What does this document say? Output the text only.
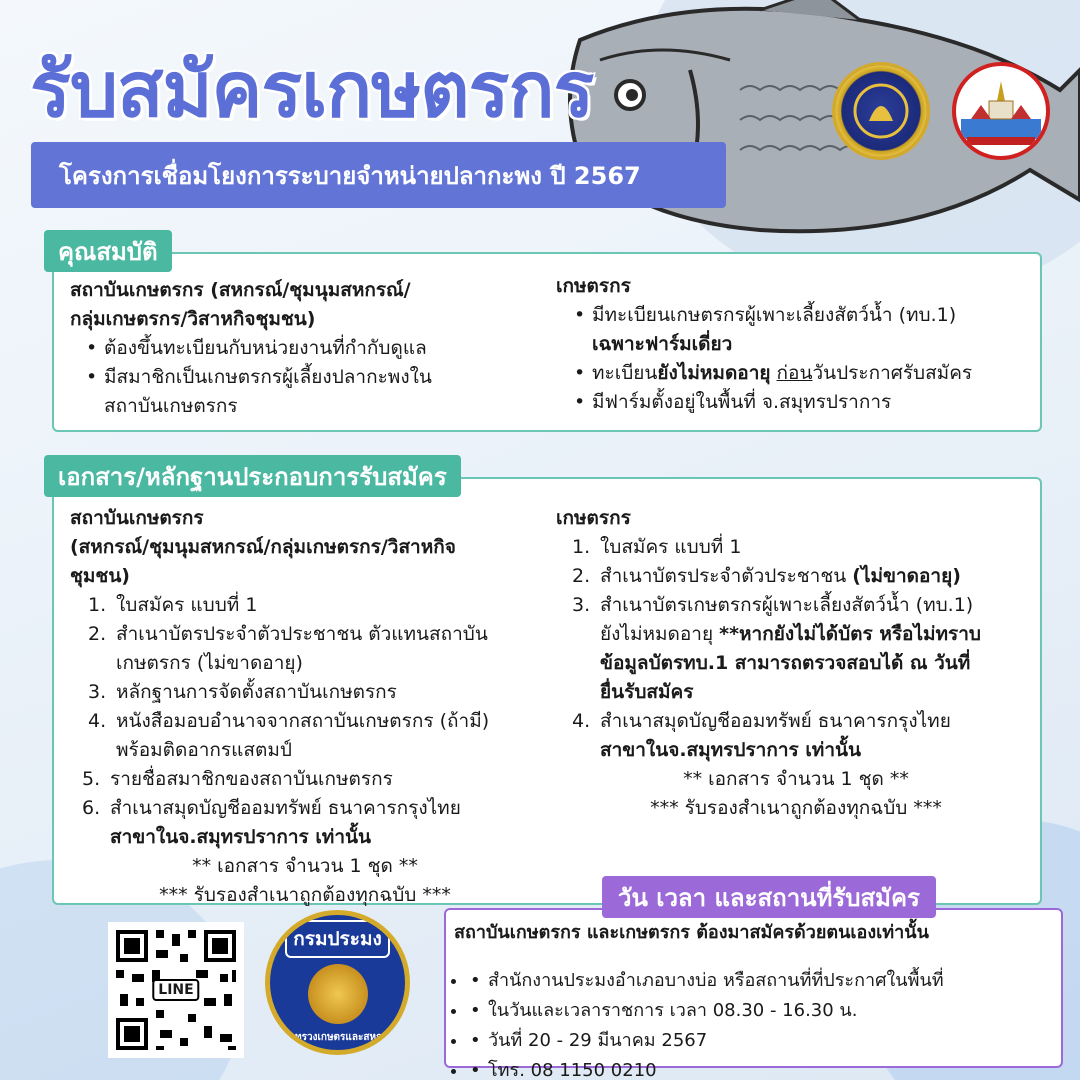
รับสมัครเกษตรกร
โครงการเชื่อมโยงการระบายจำหน่ายปลากะพง ปี 2567
คุณสมบัติ
สถาบันเกษตรกร (สหกรณ์/ชุมนุมสหกรณ์/
กลุ่มเกษตรกร/วิสาหกิจชุมชน)
• ต้องขึ้นทะเบียนกับหน่วยงานที่กำกับดูแล
• มีสมาชิกเป็นเกษตรกรผู้เลี้ยงปลากะพงใน
สถาบันเกษตรกร
เกษตรกร
• มีทะเบียนเกษตรกรผู้เพาะเลี้ยงสัตว์น้ำ (ทบ.1)
เฉพาะฟาร์มเดี่ยว
• ทะเบียนยังไม่หมดอายุ ก่อนวันประกาศรับสมัคร
• มีฟาร์มตั้งอยู่ในพื้นที่ จ.สมุทรปราการ
เอกสาร/หลักฐานประกอบการรับสมัคร
สถาบันเกษตรกร
(สหกรณ์/ชุมนุมสหกรณ์/กลุ่มเกษตรกร/วิสาหกิจ
ชุมชน)
1. ใบสมัคร แบบที่ 1
2. สำเนาบัตรประจำตัวประชาชน ตัวแทนสถาบัน
เกษตรกร (ไม่ขาดอายุ)
3. หลักฐานการจัดตั้งสถาบันเกษตรกร
4. หนังสือมอบอำนาจจากสถาบันเกษตรกร (ถ้ามี)
พร้อมติดอากรแสตมป์
5. รายชื่อสมาชิกของสถาบันเกษตรกร
6. สำเนาสมุดบัญชีออมทรัพย์ ธนาคารกรุงไทย
สาขาในจ.สมุทรปราการ เท่านั้น
** เอกสาร จำนวน 1 ชุด **
*** รับรองสำเนาถูกต้องทุกฉบับ ***
เกษตรกร
1. ใบสมัคร แบบที่ 1
2. สำเนาบัตรประจำตัวประชาชน (ไม่ขาดอายุ)
3. สำเนาบัตรเกษตรกรผู้เพาะเลี้ยงสัตว์น้ำ (ทบ.1)
ยังไม่หมดอายุ **หากยังไม่ได้บัตร หรือไม่ทราบ
ข้อมูลบัตรทบ.1 สามารถตรวจสอบได้ ณ วันที่
ยื่นรับสมัคร
4. สำเนาสมุดบัญชีออมทรัพย์ ธนาคารกรุงไทย
สาขาในจ.สมุทรปราการ เท่านั้น
** เอกสาร จำนวน 1 ชุด **
*** รับรองสำเนาถูกต้องทุกฉบับ ***
วัน เวลา และสถานที่รับสมัคร
สถาบันเกษตรกร และเกษตรกร ต้องมาสมัครด้วยตนเองเท่านั้น
• • สำนักงานประมงอำเภอบางบ่อ หรือสถานที่ที่ประกาศในพื้นที่
• • ในวันและเวลาราชการ เวลา 08.30 - 16.30 น.
• • วันที่ 20 - 29 มีนาคม 2567
• • โทร. 08 1150 0210
LINE
กรมประมง
กระทรวงเกษตรและสหกรณ์
